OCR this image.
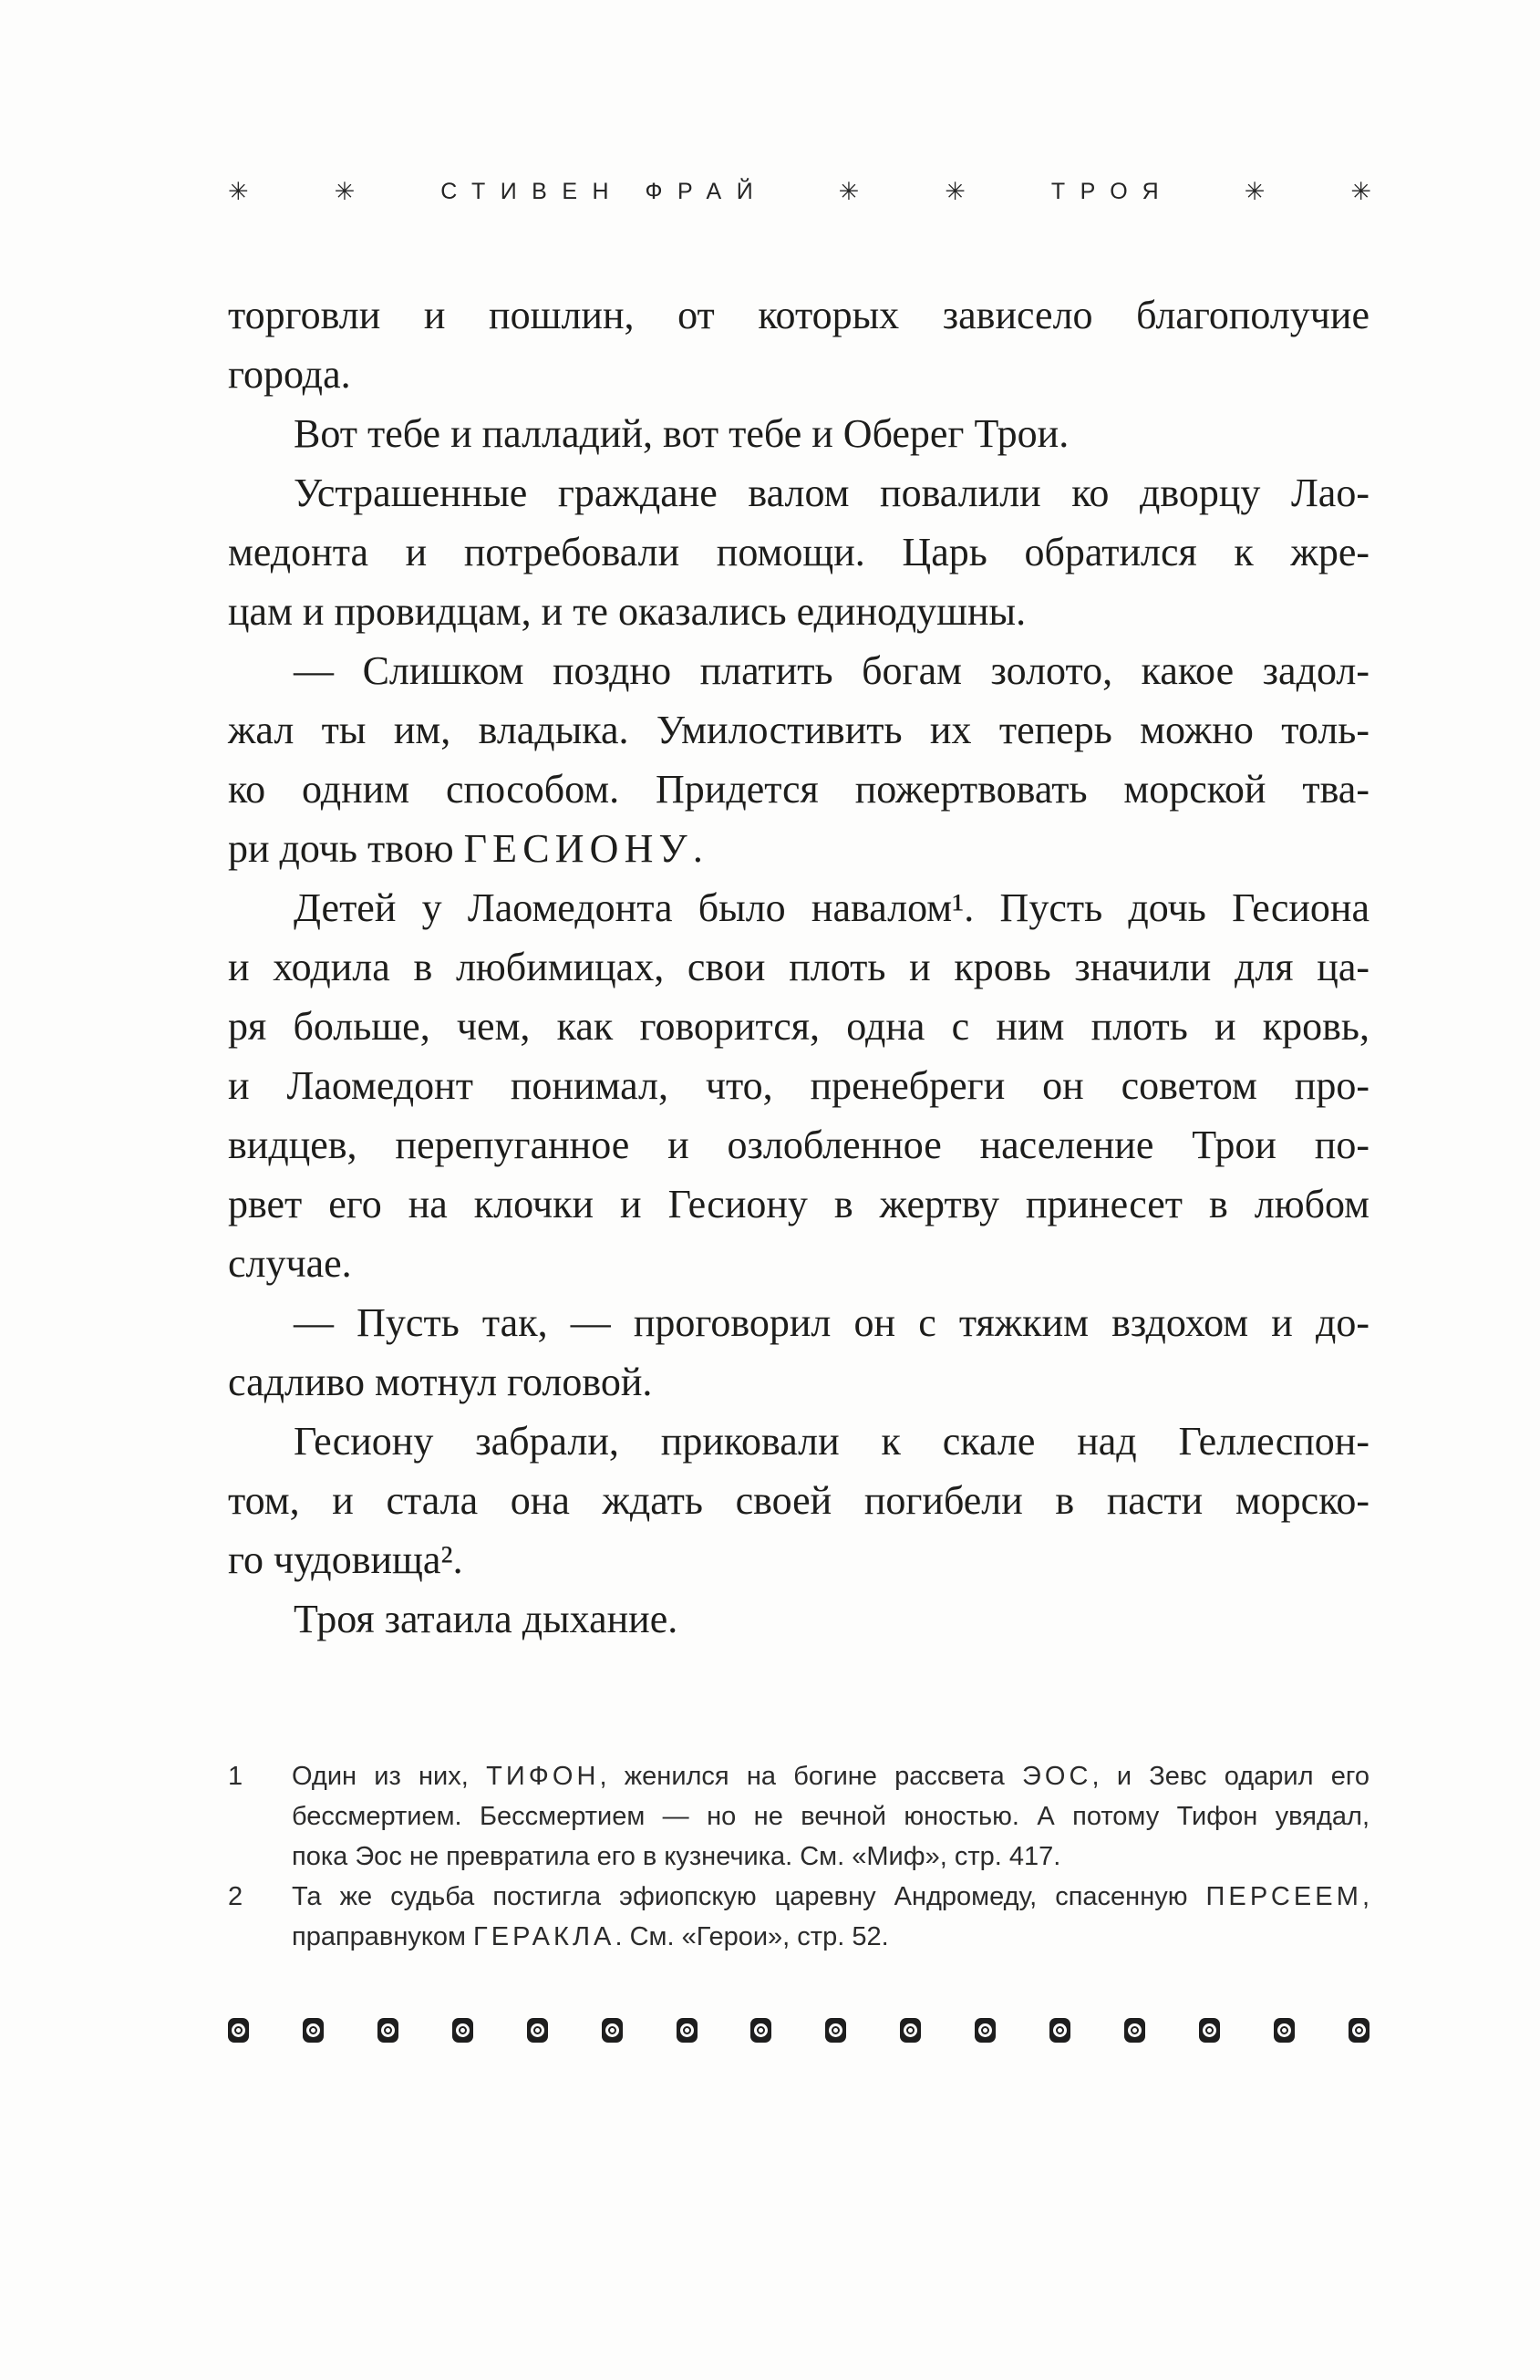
✳	✳	СТИВЕН ФРАЙ	✳	✳	ТРОЯ	✳	✳
торговли и пошлин, от которых зависело благополучие
города.
Вот тебе и палладий, вот тебе и Оберег Трои.
Устрашенные граждане валом повалили ко дворцу Лао-
медонта и потребовали помощи. Царь обратился к жре-
цам и провидцам, и те оказались единодушны.
— Слишком поздно платить богам золото, какое задол-
жал ты им, владыка. Умилостивить их теперь можно толь-
ко одним способом. Придется пожертвовать морской тва-
ри дочь твою ГЕСИОНУ.
Детей у Лаомедонта было навалом¹. Пусть дочь Гесиона
и ходила в любимицах, свои плоть и кровь значили для ца-
ря больше, чем, как говорится, одна с ним плоть и кровь,
и Лаомедонт понимал, что, пренебреги он советом про-
видцев, перепуганное и озлобленное население Трои по-
рвет его на клочки и Гесиону в жертву принесет в любом
случае.
— Пусть так, — проговорил он с тяжким вздохом и до-
садливо мотнул головой.
Гесиону забрали, приковали к скале над Геллеспон-
том, и стала она ждать своей погибели в пасти морско-
го чудовища².
Троя затаила дыхание.
1	Один из них, ТИФОН, женился на богине рассвета ЭОС, и Зевс одарил его
бессмертием. Бессмертием — но не вечной юностью. А потому Тифон увядал,
пока Эос не превратила его в кузнечика. См. «Миф», стр. 417.
2	Та же судьба постигла эфиопскую царевну Андромеду, спасенную ПЕРСЕЕМ,
праправнуком ГЕРАКЛА. См. «Герои», стр. 52.
